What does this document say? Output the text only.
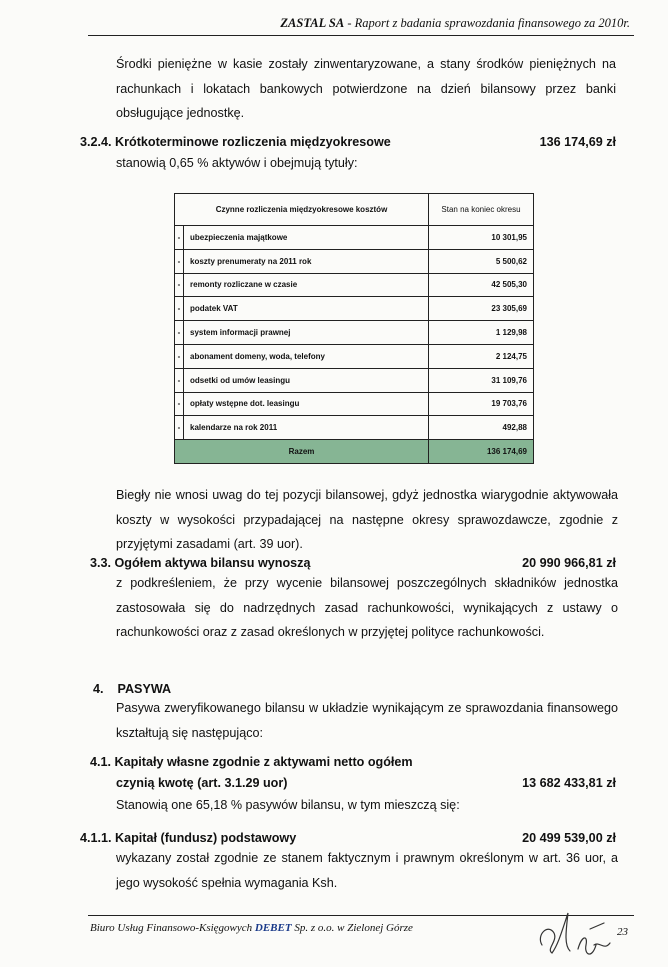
ZASTAL SA - Raport z badania sprawozdania finansowego za 2010r.
Środki pieniężne w kasie zostały zinwentaryzowane, a stany środków pieniężnych na rachunkach i lokatach bankowych potwierdzone na dzień bilansowy przez banki obsługujące jednostkę.
3.2.4. Krótkoterminowe rozliczenia międzyokresowe	136 174,69 zł
stanowią 0,65 % aktywów i obejmują tytuły:
Czynne rozliczenia międzyokresowe kosztów		Stan na koniec okresu
-	ubezpieczenia majątkowe	10 301,95
-	koszty prenumeraty na 2011 rok	5 500,62
-	remonty rozliczane w czasie	42 505,30
-	podatek VAT	23 305,69
-	system informacji prawnej	1 129,98
-	abonament domeny, woda, telefony	2 124,75
-	odsetki od umów leasingu	31 109,76
-	opłaty wstępne dot. leasingu	19 703,76
-	kalendarze na rok 2011	492,88
Razem		136 174,69
Biegły nie wnosi uwag do tej pozycji bilansowej, gdyż jednostka wiarygodnie aktywowała koszty w wysokości przypadającej na następne okresy sprawozdawcze, zgodnie z przyjętymi zasadami (art. 39 uor).
3.3. Ogółem aktywa bilansu wynoszą	20 990 966,81 zł
z podkreśleniem, że przy wycenie bilansowej poszczególnych składników jednostka zastosowała się do nadrzędnych zasad rachunkowości, wynikających z ustawy o rachunkowości oraz z zasad określonych w przyjętej polityce rachunkowości.
4. PASYWA
Pasywa zweryfikowanego bilansu w układzie wynikającym ze sprawozdania finansowego kształtują się następująco:
4.1. Kapitały własne zgodnie z aktywami netto ogółem
czynią kwotę (art. 3.1.29 uor)	13 682 433,81 zł
Stanowią one 65,18 % pasywów bilansu, w tym mieszczą się:
4.1.1. Kapitał (fundusz) podstawowy	20 499 539,00 zł
wykazany został zgodnie ze stanem faktycznym i prawnym określonym w art. 36 uor, a jego wysokość spełnia wymagania Ksh.
Biuro Usług Finansowo-Księgowych DEBET Sp. z o.o. w Zielonej Górze	23
